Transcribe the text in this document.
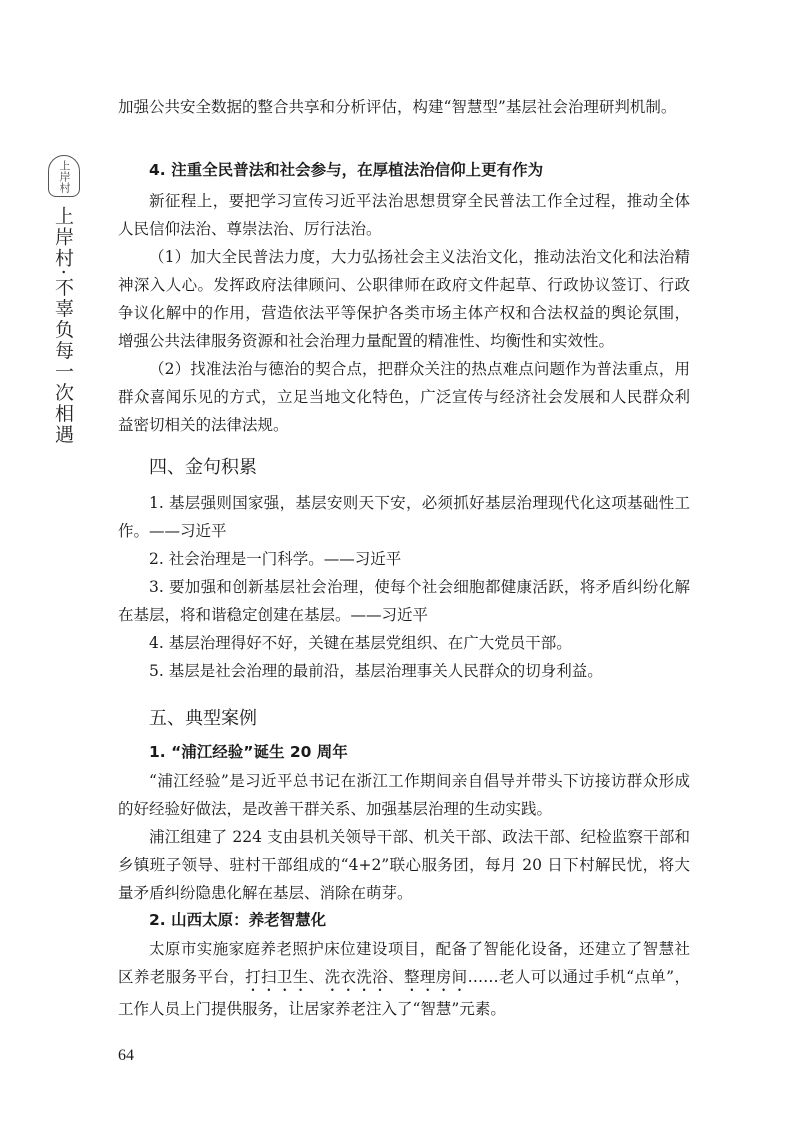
上岸村
上岸村·不辜负每一次相遇

加强公共安全数据的整合共享和分析评估，构建“智慧型”基层社会治理研判机制。

4. 注重全民普法和社会参与，在厚植法治信仰上更有作为

新征程上，要把学习宣传习近平法治思想贯穿全民普法工作全过程，推动全体人民信仰法治、尊崇法治、厉行法治。

（1）加大全民普法力度，大力弘扬社会主义法治文化，推动法治文化和法治精神深入人心。发挥政府法律顾问、公职律师在政府文件起草、行政协议签订、行政争议化解中的作用，营造依法平等保护各类市场主体产权和合法权益的舆论氛围，增强公共法律服务资源和社会治理力量配置的精准性、均衡性和实效性。

（2）找准法治与德治的契合点，把群众关注的热点难点问题作为普法重点，用群众喜闻乐见的方式，立足当地文化特色，广泛宣传与经济社会发展和人民群众利益密切相关的法律法规。

四、金句积累

1. 基层强则国家强，基层安则天下安，必须抓好基层治理现代化这项基础性工作。——习近平

2. 社会治理是一门科学。——习近平

3. 要加强和创新基层社会治理，使每个社会细胞都健康活跃，将矛盾纠纷化解在基层，将和谐稳定创建在基层。——习近平

4. 基层治理得好不好，关键在基层党组织、在广大党员干部。

5. 基层是社会治理的最前沿，基层治理事关人民群众的切身利益。

五、典型案例

1. “浦江经验”诞生 20 周年

“浦江经验”是习近平总书记在浙江工作期间亲自倡导并带头下访接访群众形成的好经验好做法，是改善干群关系、加强基层治理的生动实践。

浦江组建了 224 支由县机关领导干部、机关干部、政法干部、纪检监察干部和乡镇班子领导、驻村干部组成的“4+2”联心服务团，每月 20 日下村解民忧，将大量矛盾纠纷隐患化解在基层、消除在萌芽。

2. 山西太原：养老智慧化

太原市实施家庭养老照护床位建设项目，配备了智能化设备，还建立了智慧社区养老服务平台，打扫卫生、洗衣洗浴、整理房间……老人可以通过手机“点单”，工作人员上门提供服务，让居家养老注入了“智慧”元素。

64
